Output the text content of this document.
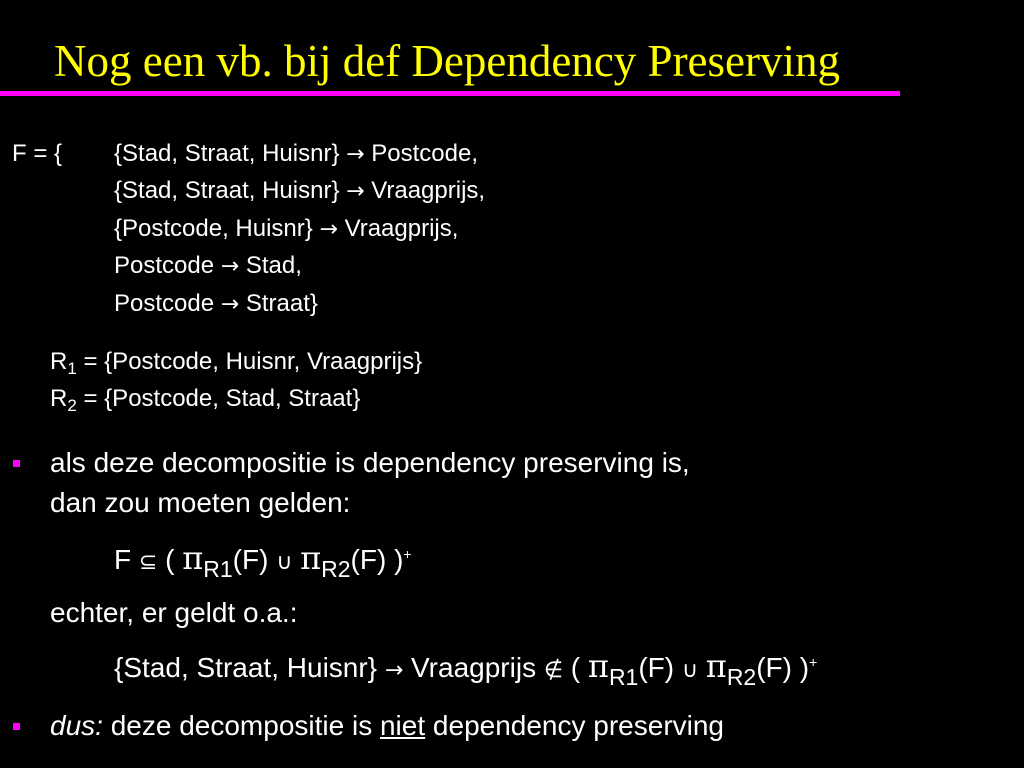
Nog een vb. bij def Dependency Preserving
F = { {Stad, Straat, Huisnr} → Postcode,
{Stad, Straat, Huisnr} → Vraagprijs,
{Postcode, Huisnr} → Vraagprijs,
Postcode → Stad,
Postcode → Straat}
$R_1$ = {Postcode, Huisnr, Vraagprijs}
$R_2$ = {Postcode, Stad, Straat}
als deze decompositie is dependency preserving is,
dan zou moeten gelden:
F ⊆ ( $\pi_{R1}(F)$ ∪ $\pi_{R2}(F)$ )+
echter, er geldt o.a.:
{Stad, Straat, Huisnr} → Vraagprijs ∉ ( $\pi_{R1}(F)$ ∪ $\pi_{R2}(F)$ )+
dus: deze decompositie is niet dependency preserving
